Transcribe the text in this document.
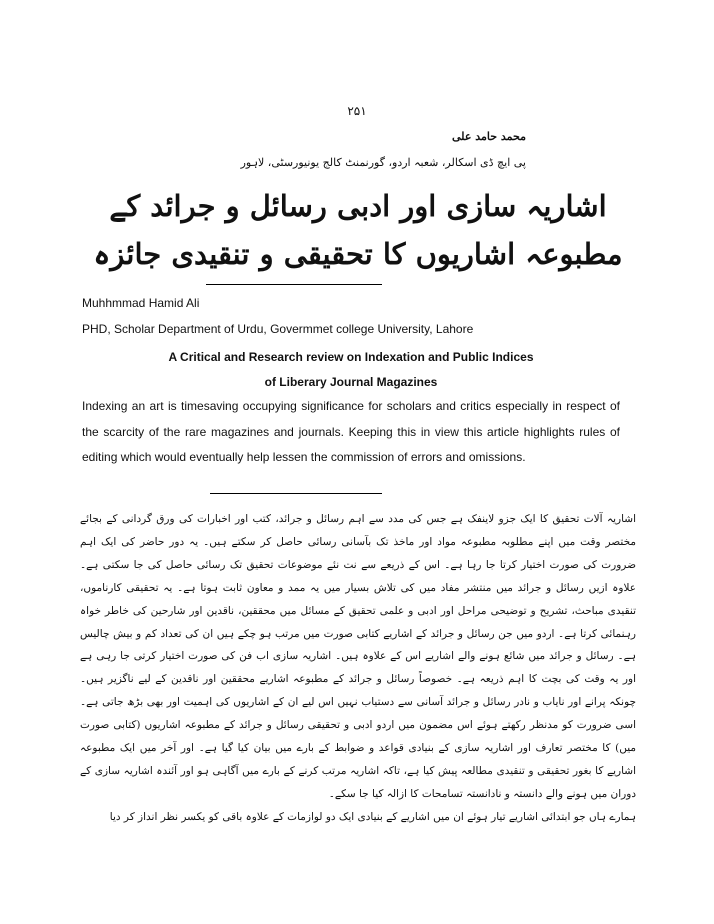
۲۵۱
محمد حامد علی
پی ایچ ڈی اسکالر، شعبہ اردو، گورنمنٹ کالج یونیورسٹی، لاہور
اشاریہ سازی اور ادبی رسائل و جرائد کے مطبوعہ اشاریوں کا تحقیقی و تنقیدی جائزہ
Muhhmmad Hamid Ali
PHD, Scholar Department of Urdu, Govermmet college University, Lahore
A Critical and Research review on Indexation and Public Indices
of Liberary Journal Magazines
Indexing an art is timesaving occupying significance for scholars and critics especially in respect of the scarcity of the rare magazines and journals. Keeping this in view this article highlights rules of editing which would eventually help lessen the commission of errors and omissions.

اشاریہ آلات تحقیق کا ایک جزو لاینفک ہے جس کی مدد سے اہم رسائل و جرائد، کتب اور اخبارات کی ورق گردانی کے بجائے مختصر وقت میں اپنے مطلوبہ مطبوعہ مواد اور ماخذ تک بآسانی رسائی حاصل کر سکتے ہیں۔ یہ دور حاضر کی ایک اہم ضرورت کی صورت اختیار کرتا جا رہا ہے۔ اس کے ذریعے سے نت نئے موضوعات تحقیق تک رسائی حاصل کی جا سکتی ہے۔ علاوہ ازیں رسائل و جرائد میں منتشر مفاد میں کی تلاش بسیار میں یہ ممد و معاون ثابت ہوتا ہے۔ یہ تحقیقی کارناموں، تنقیدی مباحث، تشریح و توضیحی مراحل اور ادبی و علمی تحقیق کے مسائل میں محققین، ناقدین اور شارحین کی خاطر خواہ رہنمائی کرتا ہے۔ اردو میں جن رسائل و جرائد کے اشاریے کتابی صورت میں مرتب ہو چکے ہیں ان کی تعداد کم و بیش چالیس ہے۔ رسائل و جرائد میں شائع ہونے والے اشاریے اس کے علاوہ ہیں۔ اشاریہ سازی اب فن کی صورت اختیار کرتی جا رہی ہے اور یہ وقت کی بچت کا اہم ذریعہ ہے۔ خصوصاً رسائل و جرائد کے مطبوعہ اشاریے محققین اور ناقدین کے لیے ناگزیر ہیں۔ چونکہ پرانے اور نایاب و نادر رسائل و جرائد آسانی سے دستیاب نہیں اس لیے ان کے اشاریوں کی اہمیت اور بھی بڑھ جاتی ہے۔ اسی ضرورت کو مدنظر رکھتے ہوئے اس مضمون میں اردو ادبی و تحقیقی رسائل و جرائد کے مطبوعہ اشاریوں (کتابی صورت میں) کا مختصر تعارف اور اشاریہ سازی کے بنیادی قواعد و ضوابط کے بارے میں بیان کیا گیا ہے۔ اور آخر میں ایک مطبوعہ اشاریے کا بغور تحقیقی و تنقیدی مطالعہ پیش کیا ہے، تاکہ اشاریہ مرتب کرنے کے بارے میں آگاہی ہو اور آئندہ اشاریہ سازی کے دوران میں ہونے والے دانستہ و نادانستہ تسامحات کا ازالہ کیا جا سکے۔

ہمارے ہاں جو ابتدائی اشاریے تیار ہوئے ان میں اشاریے کے بنیادی ایک دو لوازمات کے علاوہ باقی کو یکسر نظر انداز کر دیا
